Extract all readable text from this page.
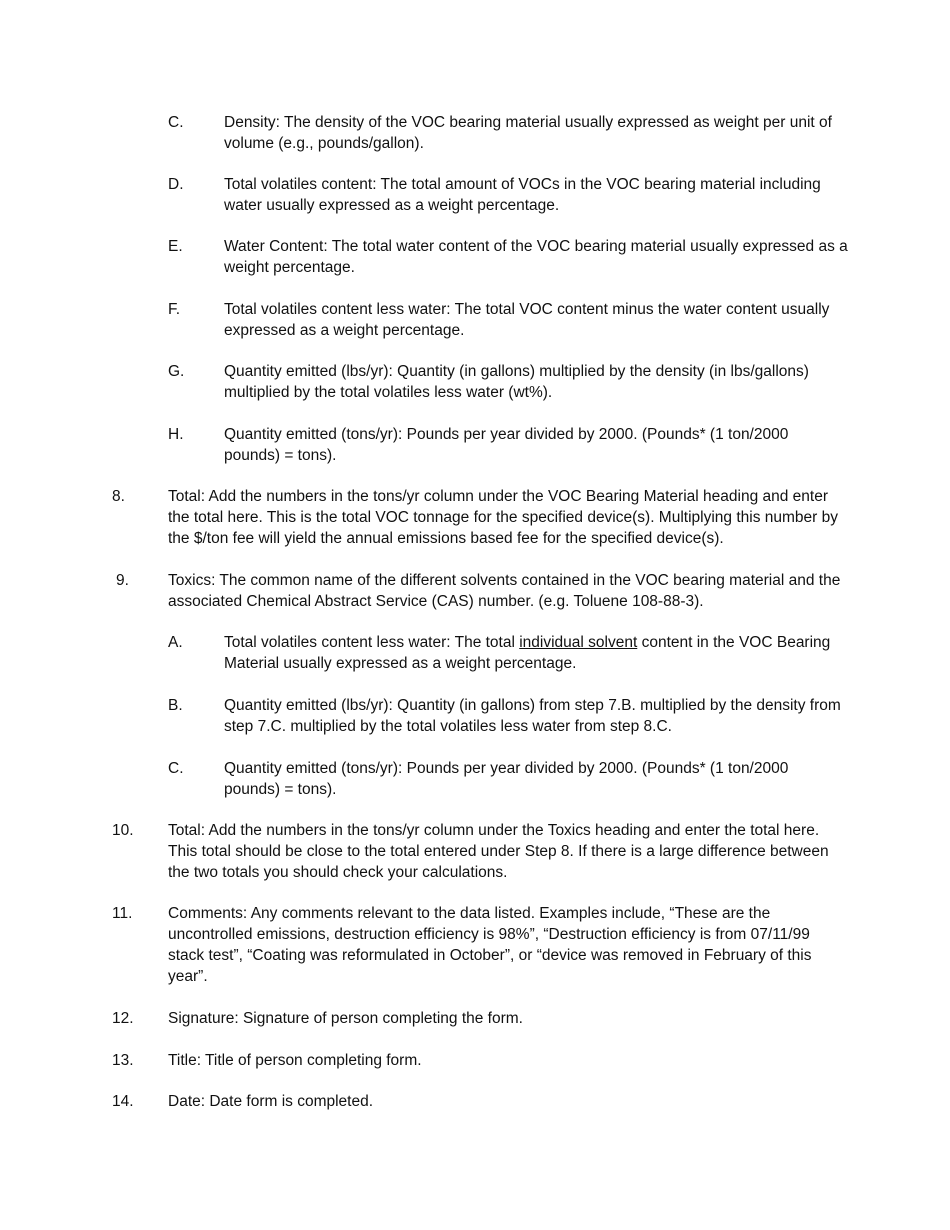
C.	Density: The density of the VOC bearing material usually expressed as weight per unit of volume (e.g., pounds/gallon).
D.	Total volatiles content: The total amount of VOCs in the VOC bearing material including water usually expressed as a weight percentage.
E.	Water Content: The total water content of the VOC bearing material usually expressed as a weight percentage.
F.	Total volatiles content less water: The total VOC content minus the water content usually expressed as a weight percentage.
G.	Quantity emitted (lbs/yr): Quantity (in gallons) multiplied by the density (in lbs/gallons) multiplied by the total volatiles less water (wt%).
H.	Quantity emitted (tons/yr): Pounds per year divided by 2000. (Pounds* (1 ton/2000 pounds) = tons).
8.	Total: Add the numbers in the tons/yr column under the VOC Bearing Material heading and enter the total here. This is the total VOC tonnage for the specified device(s). Multiplying this number by the $/ton fee will yield the annual emissions based fee for the specified device(s).
9.	Toxics: The common name of the different solvents contained in the VOC bearing material and the associated Chemical Abstract Service (CAS) number. (e.g. Toluene 108-88-3).
A.	Total volatiles content less water: The total individual solvent content in the VOC Bearing Material usually expressed as a weight percentage.
B.	Quantity emitted (lbs/yr): Quantity (in gallons) from step 7.B. multiplied by the density from step 7.C. multiplied by the total volatiles less water from step 8.C.
C.	Quantity emitted (tons/yr): Pounds per year divided by 2000. (Pounds* (1 ton/2000 pounds) = tons).
10. Total: Add the numbers in the tons/yr column under the Toxics heading and enter the total here. This total should be close to the total entered under Step 8. If there is a large difference between the two totals you should check your calculations.
11. Comments: Any comments relevant to the data listed. Examples include, “These are the uncontrolled emissions, destruction efficiency is 98%”, “Destruction efficiency is from 07/11/99 stack test”, “Coating was reformulated in October”, or “device was removed in February of this year”.
12. Signature: Signature of person completing the form.
13. Title: Title of person completing form.
14. Date: Date form is completed.
